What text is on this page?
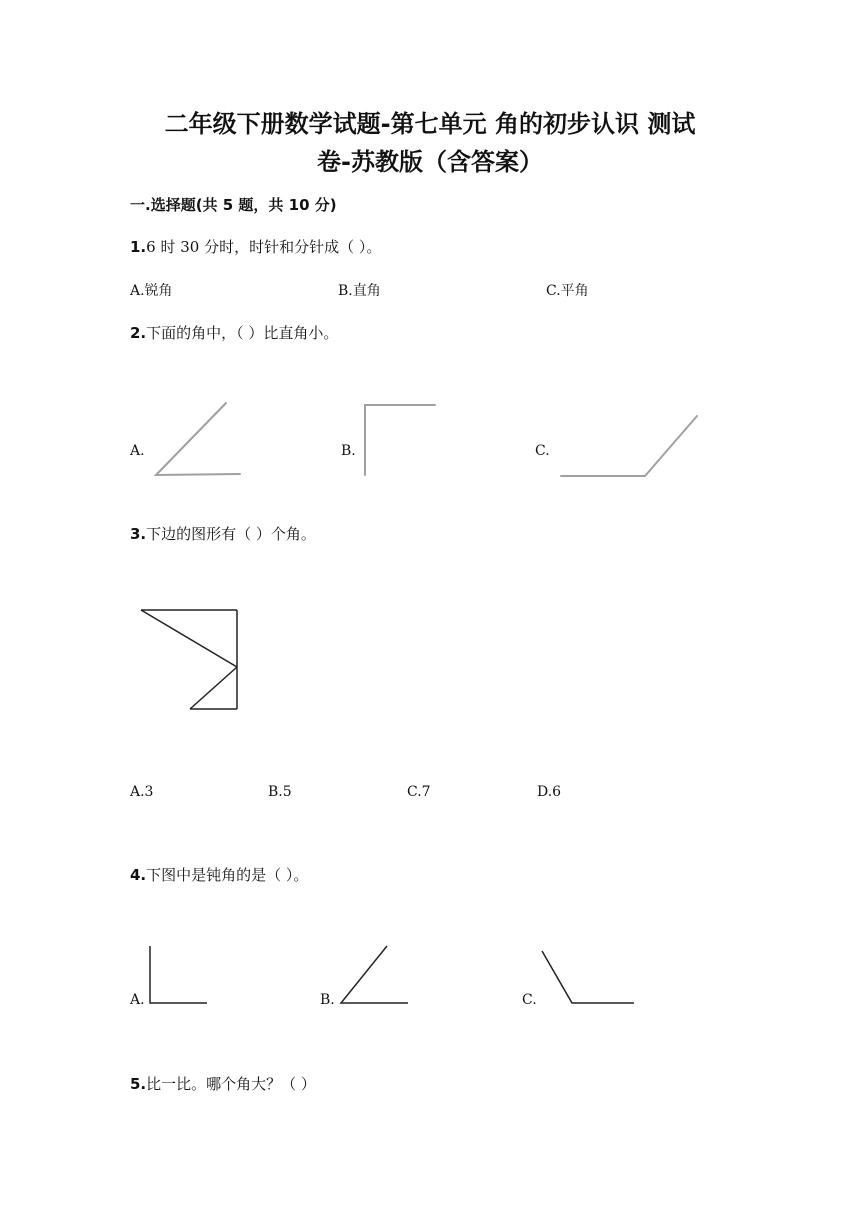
二年级下册数学试题-第七单元 角的初步认识 测试
卷-苏教版（含答案）
一.选择题(共 5 题，共 10 分)
1.6 时 30 分时，时针和分针成（ ）。
A.锐角	B.直角	C.平角
2.下面的角中，（ ）比直角小。
A.	B.	C.
3.下边的图形有（ ）个角。
A.3	B.5	C.7	D.6
4.下图中是钝角的是（ ）。
A.	B.	C.
5.比一比。哪个角大？（ ）
